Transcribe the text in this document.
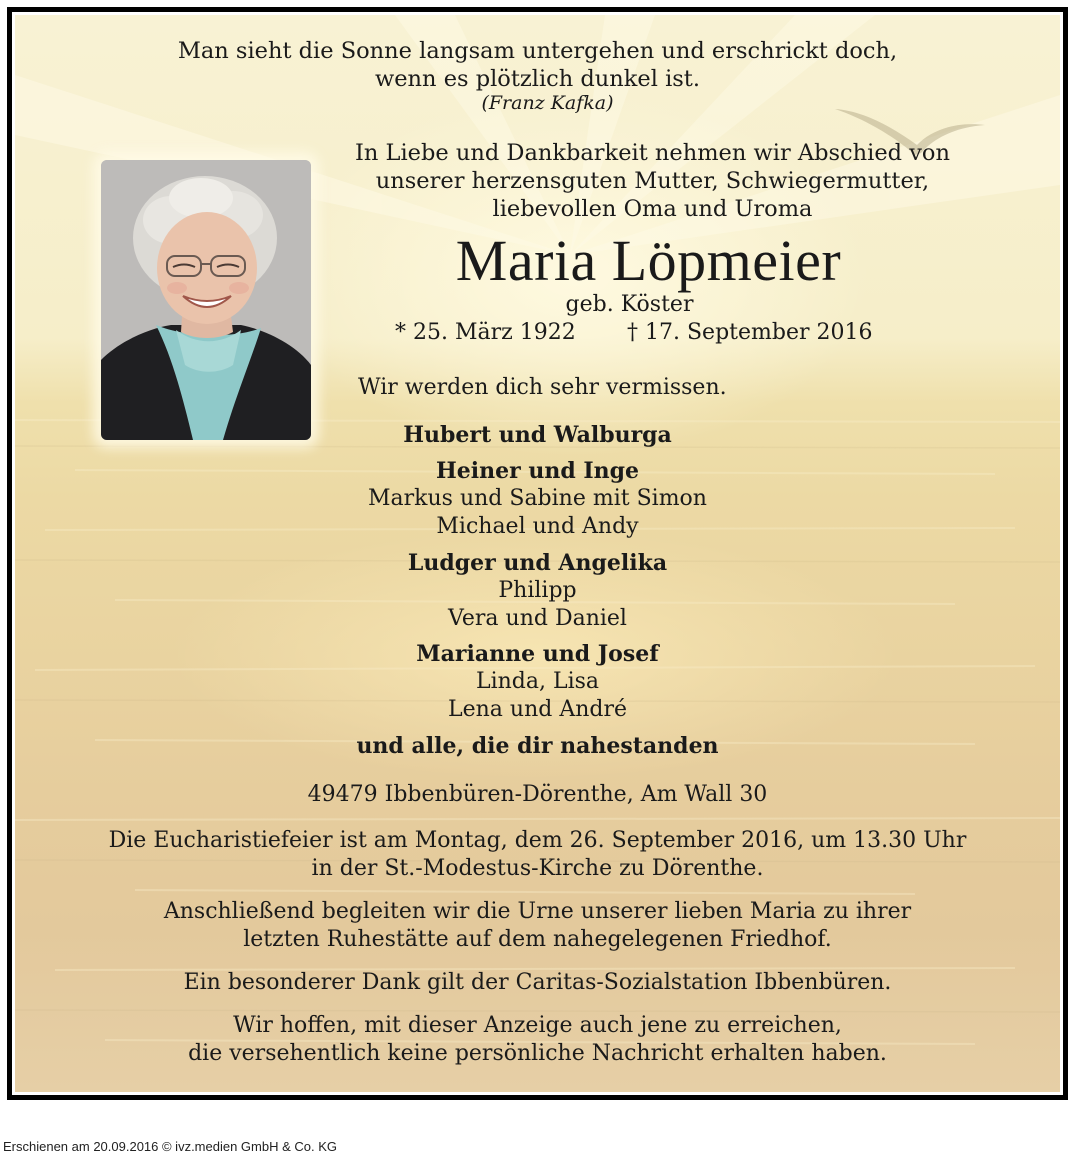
Man sieht die Sonne langsam untergehen und erschrickt doch,
wenn es plötzlich dunkel ist.
(Franz Kafka)
In Liebe und Dankbarkeit nehmen wir Abschied von
unserer herzensguten Mutter, Schwiegermutter,
liebevollen Oma und Uroma
Maria Löpmeier
geb. Köster
* 25. März 1922 † 17. September 2016
Wir werden dich sehr vermissen.
Hubert und Walburga
Heiner und Inge
Markus und Sabine mit Simon
Michael und Andy
Ludger und Angelika
Philipp
Vera und Daniel
Marianne und Josef
Linda, Lisa
Lena und André
und alle, die dir nahestanden
49479 Ibbenbüren-Dörenthe, Am Wall 30
Die Eucharistiefeier ist am Montag, dem 26. September 2016, um 13.30 Uhr
in der St.-Modestus-Kirche zu Dörenthe.
Anschließend begleiten wir die Urne unserer lieben Maria zu ihrer
letzten Ruhestätte auf dem nahegelegenen Friedhof.
Ein besonderer Dank gilt der Caritas-Sozialstation Ibbenbüren.
Wir hoffen, mit dieser Anzeige auch jene zu erreichen,
die versehentlich keine persönliche Nachricht erhalten haben.
Erschienen am 20.09.2016 © ivz.medien GmbH & Co. KG
